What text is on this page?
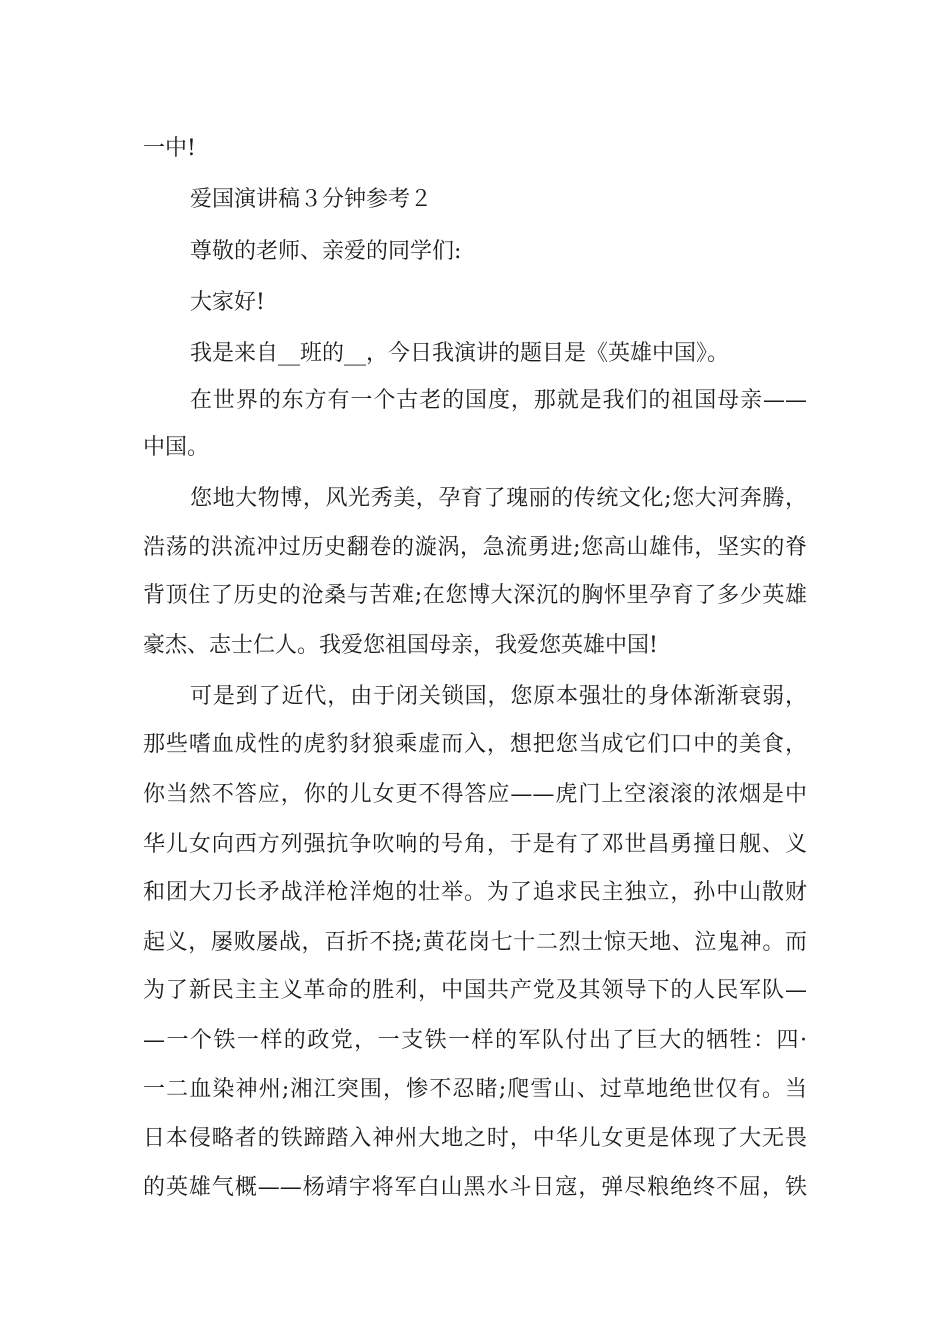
一中!
爱国演讲稿３分钟参考２
尊敬的老师、亲爱的同学们:
大家好!
我是来自__班的__，今日我演讲的题目是《英雄中国》。
在世界的东方有一个古老的国度，那就是我们的祖国母亲——
中国。
您地大物博，风光秀美，孕育了瑰丽的传统文化;您大河奔腾，
浩荡的洪流冲过历史翻卷的漩涡，急流勇进;您高山雄伟，坚实的脊
背顶住了历史的沧桑与苦难;在您博大深沉的胸怀里孕育了多少英雄
豪杰、志士仁人。我爱您祖国母亲，我爱您英雄中国!
可是到了近代，由于闭关锁国，您原本强壮的身体渐渐衰弱，
那些嗜血成性的虎豹豺狼乘虚而入，想把您当成它们口中的美食，
你当然不答应，你的儿女更不得答应——虎门上空滚滚的浓烟是中
华儿女向西方列强抗争吹响的号角，于是有了邓世昌勇撞日舰、义
和团大刀长矛战洋枪洋炮的壮举。为了追求民主独立，孙中山散财
起义，屡败屡战，百折不挠;黄花岗七十二烈士惊天地、泣鬼神。而
为了新民主主义革命的胜利，中国共产党及其领导下的人民军队—
—一个铁一样的政党，一支铁一样的军队付出了巨大的牺牲：四·
一二血染神州;湘江突围，惨不忍睹;爬雪山、过草地绝世仅有。当
日本侵略者的铁蹄踏入神州大地之时，中华儿女更是体现了大无畏
的英雄气概——杨靖宇将军白山黑水斗日寇，弹尽粮绝终不屈，铁
